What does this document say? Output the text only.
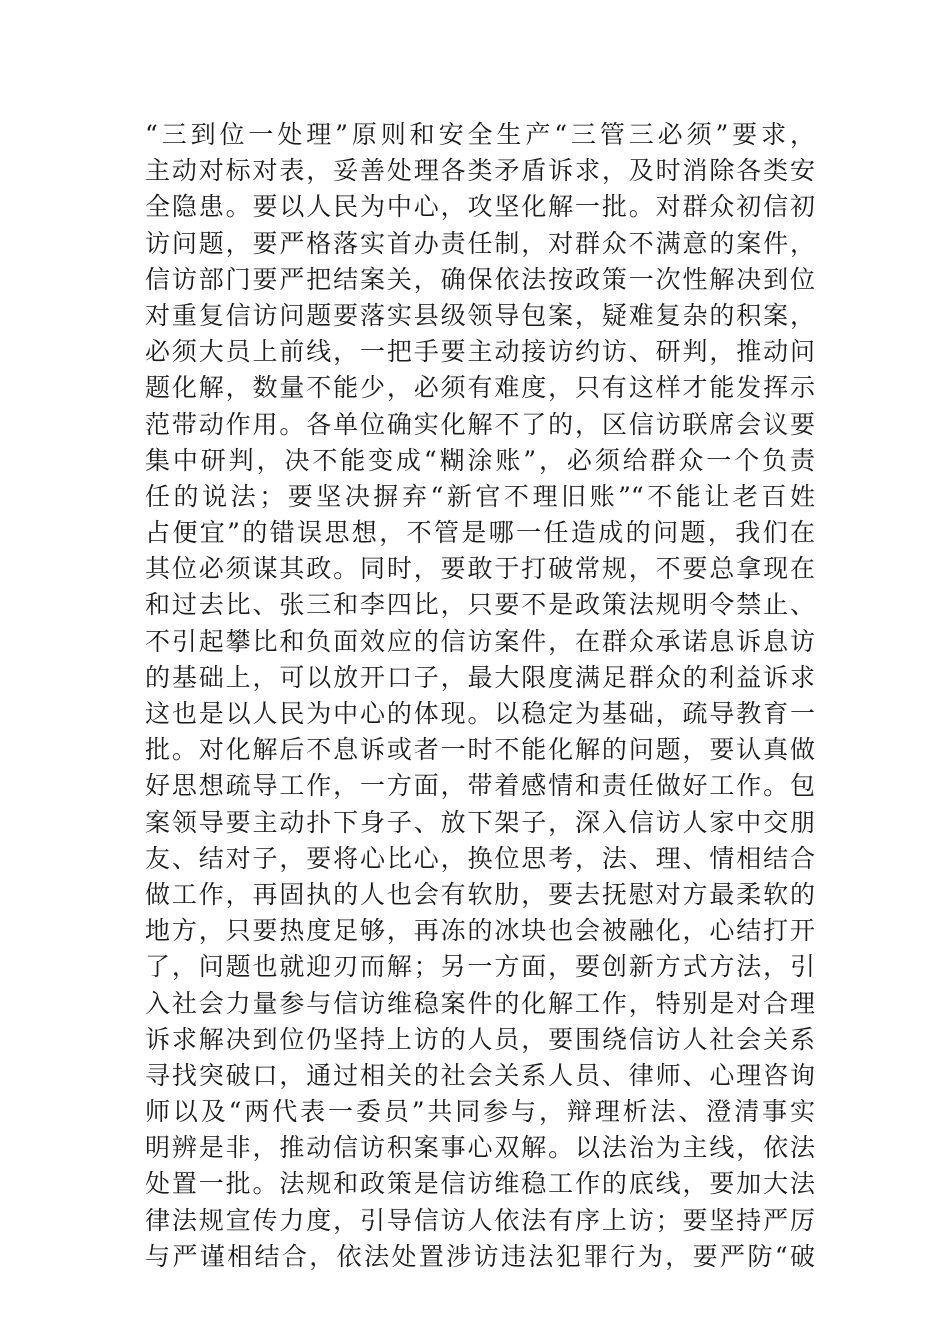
“三到位一处理”原则和安全生产“三管三必须”要求，
主动对标对表，妥善处理各类矛盾诉求，及时消除各类安
全隐患。要以人民为中心，攻坚化解一批。对群众初信初
访问题，要严格落实首办责任制，对群众不满意的案件，
信访部门要严把结案关，确保依法按政策一次性解决到位
对重复信访问题要落实县级领导包案，疑难复杂的积案，
必须大员上前线，一把手要主动接访约访、研判，推动问
题化解，数量不能少，必须有难度，只有这样才能发挥示
范带动作用。各单位确实化解不了的，区信访联席会议要
集中研判，决不能变成“糊涂账”，必须给群众一个负责
任的说法；要坚决摒弃“新官不理旧账”“不能让老百姓
占便宜”的错误思想，不管是哪一任造成的问题，我们在
其位必须谋其政。同时，要敢于打破常规，不要总拿现在
和过去比、张三和李四比，只要不是政策法规明令禁止、
不引起攀比和负面效应的信访案件，在群众承诺息诉息访
的基础上，可以放开口子，最大限度满足群众的利益诉求
这也是以人民为中心的体现。以稳定为基础，疏导教育一
批。对化解后不息诉或者一时不能化解的问题，要认真做
好思想疏导工作，一方面，带着感情和责任做好工作。包
案领导要主动扑下身子、放下架子，深入信访人家中交朋
友、结对子，要将心比心，换位思考，法、理、情相结合
做工作，再固执的人也会有软肋，要去抚慰对方最柔软的
地方，只要热度足够，再冻的冰块也会被融化，心结打开
了，问题也就迎刃而解；另一方面，要创新方式方法，引
入社会力量参与信访维稳案件的化解工作，特别是对合理
诉求解决到位仍坚持上访的人员，要围绕信访人社会关系
寻找突破口，通过相关的社会关系人员、律师、心理咨询
师以及“两代表一委员”共同参与，辩理析法、澄清事实
明辨是非，推动信访积案事心双解。以法治为主线，依法
处置一批。法规和政策是信访维稳工作的底线，要加大法
律法规宣传力度，引导信访人依法有序上访；要坚持严厉
与严谨相结合，依法处置涉访违法犯罪行为，要严防“破
